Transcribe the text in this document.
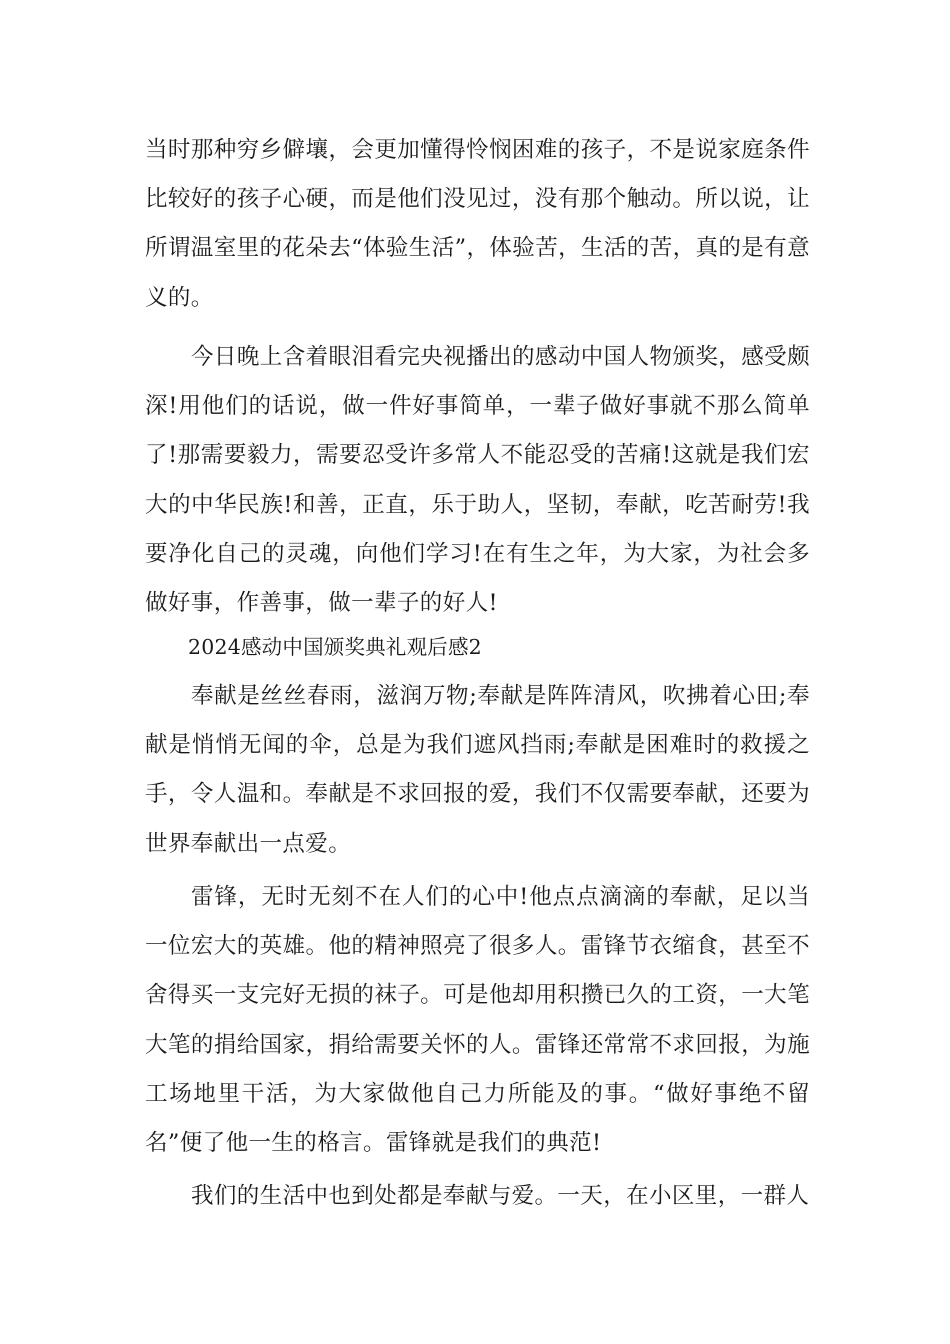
当时那种穷乡僻壤，会更加懂得怜悯困难的孩子，不是说家庭条件比较好的孩子心硬，而是他们没见过，没有那个触动。所以说，让所谓温室里的花朵去“体验生活”，体验苦，生活的苦，真的是有意义的。

今日晚上含着眼泪看完央视播出的感动中国人物颁奖，感受颇深!用他们的话说，做一件好事简单，一辈子做好事就不那么简单了!那需要毅力，需要忍受许多常人不能忍受的苦痛!这就是我们宏大的中华民族!和善，正直，乐于助人，坚韧，奉献，吃苦耐劳!我要净化自己的灵魂，向他们学习!在有生之年，为大家，为社会多做好事，作善事，做一辈子的好人!

2024感动中国颁奖典礼观后感2

奉献是丝丝春雨，滋润万物;奉献是阵阵清风，吹拂着心田;奉献是悄悄无闻的伞，总是为我们遮风挡雨;奉献是困难时的救援之手，令人温和。奉献是不求回报的爱，我们不仅需要奉献，还要为世界奉献出一点爱。

雷锋，无时无刻不在人们的心中!他点点滴滴的奉献，足以当一位宏大的英雄。他的精神照亮了很多人。雷锋节衣缩食，甚至不舍得买一支完好无损的袜子。可是他却用积攒已久的工资，一大笔大笔的捐给国家，捐给需要关怀的人。雷锋还常常不求回报，为施工场地里干活，为大家做他自己力所能及的事。“做好事绝不留名”便了他一生的格言。雷锋就是我们的典范!

我们的生活中也到处都是奉献与爱。一天，在小区里，一群人
